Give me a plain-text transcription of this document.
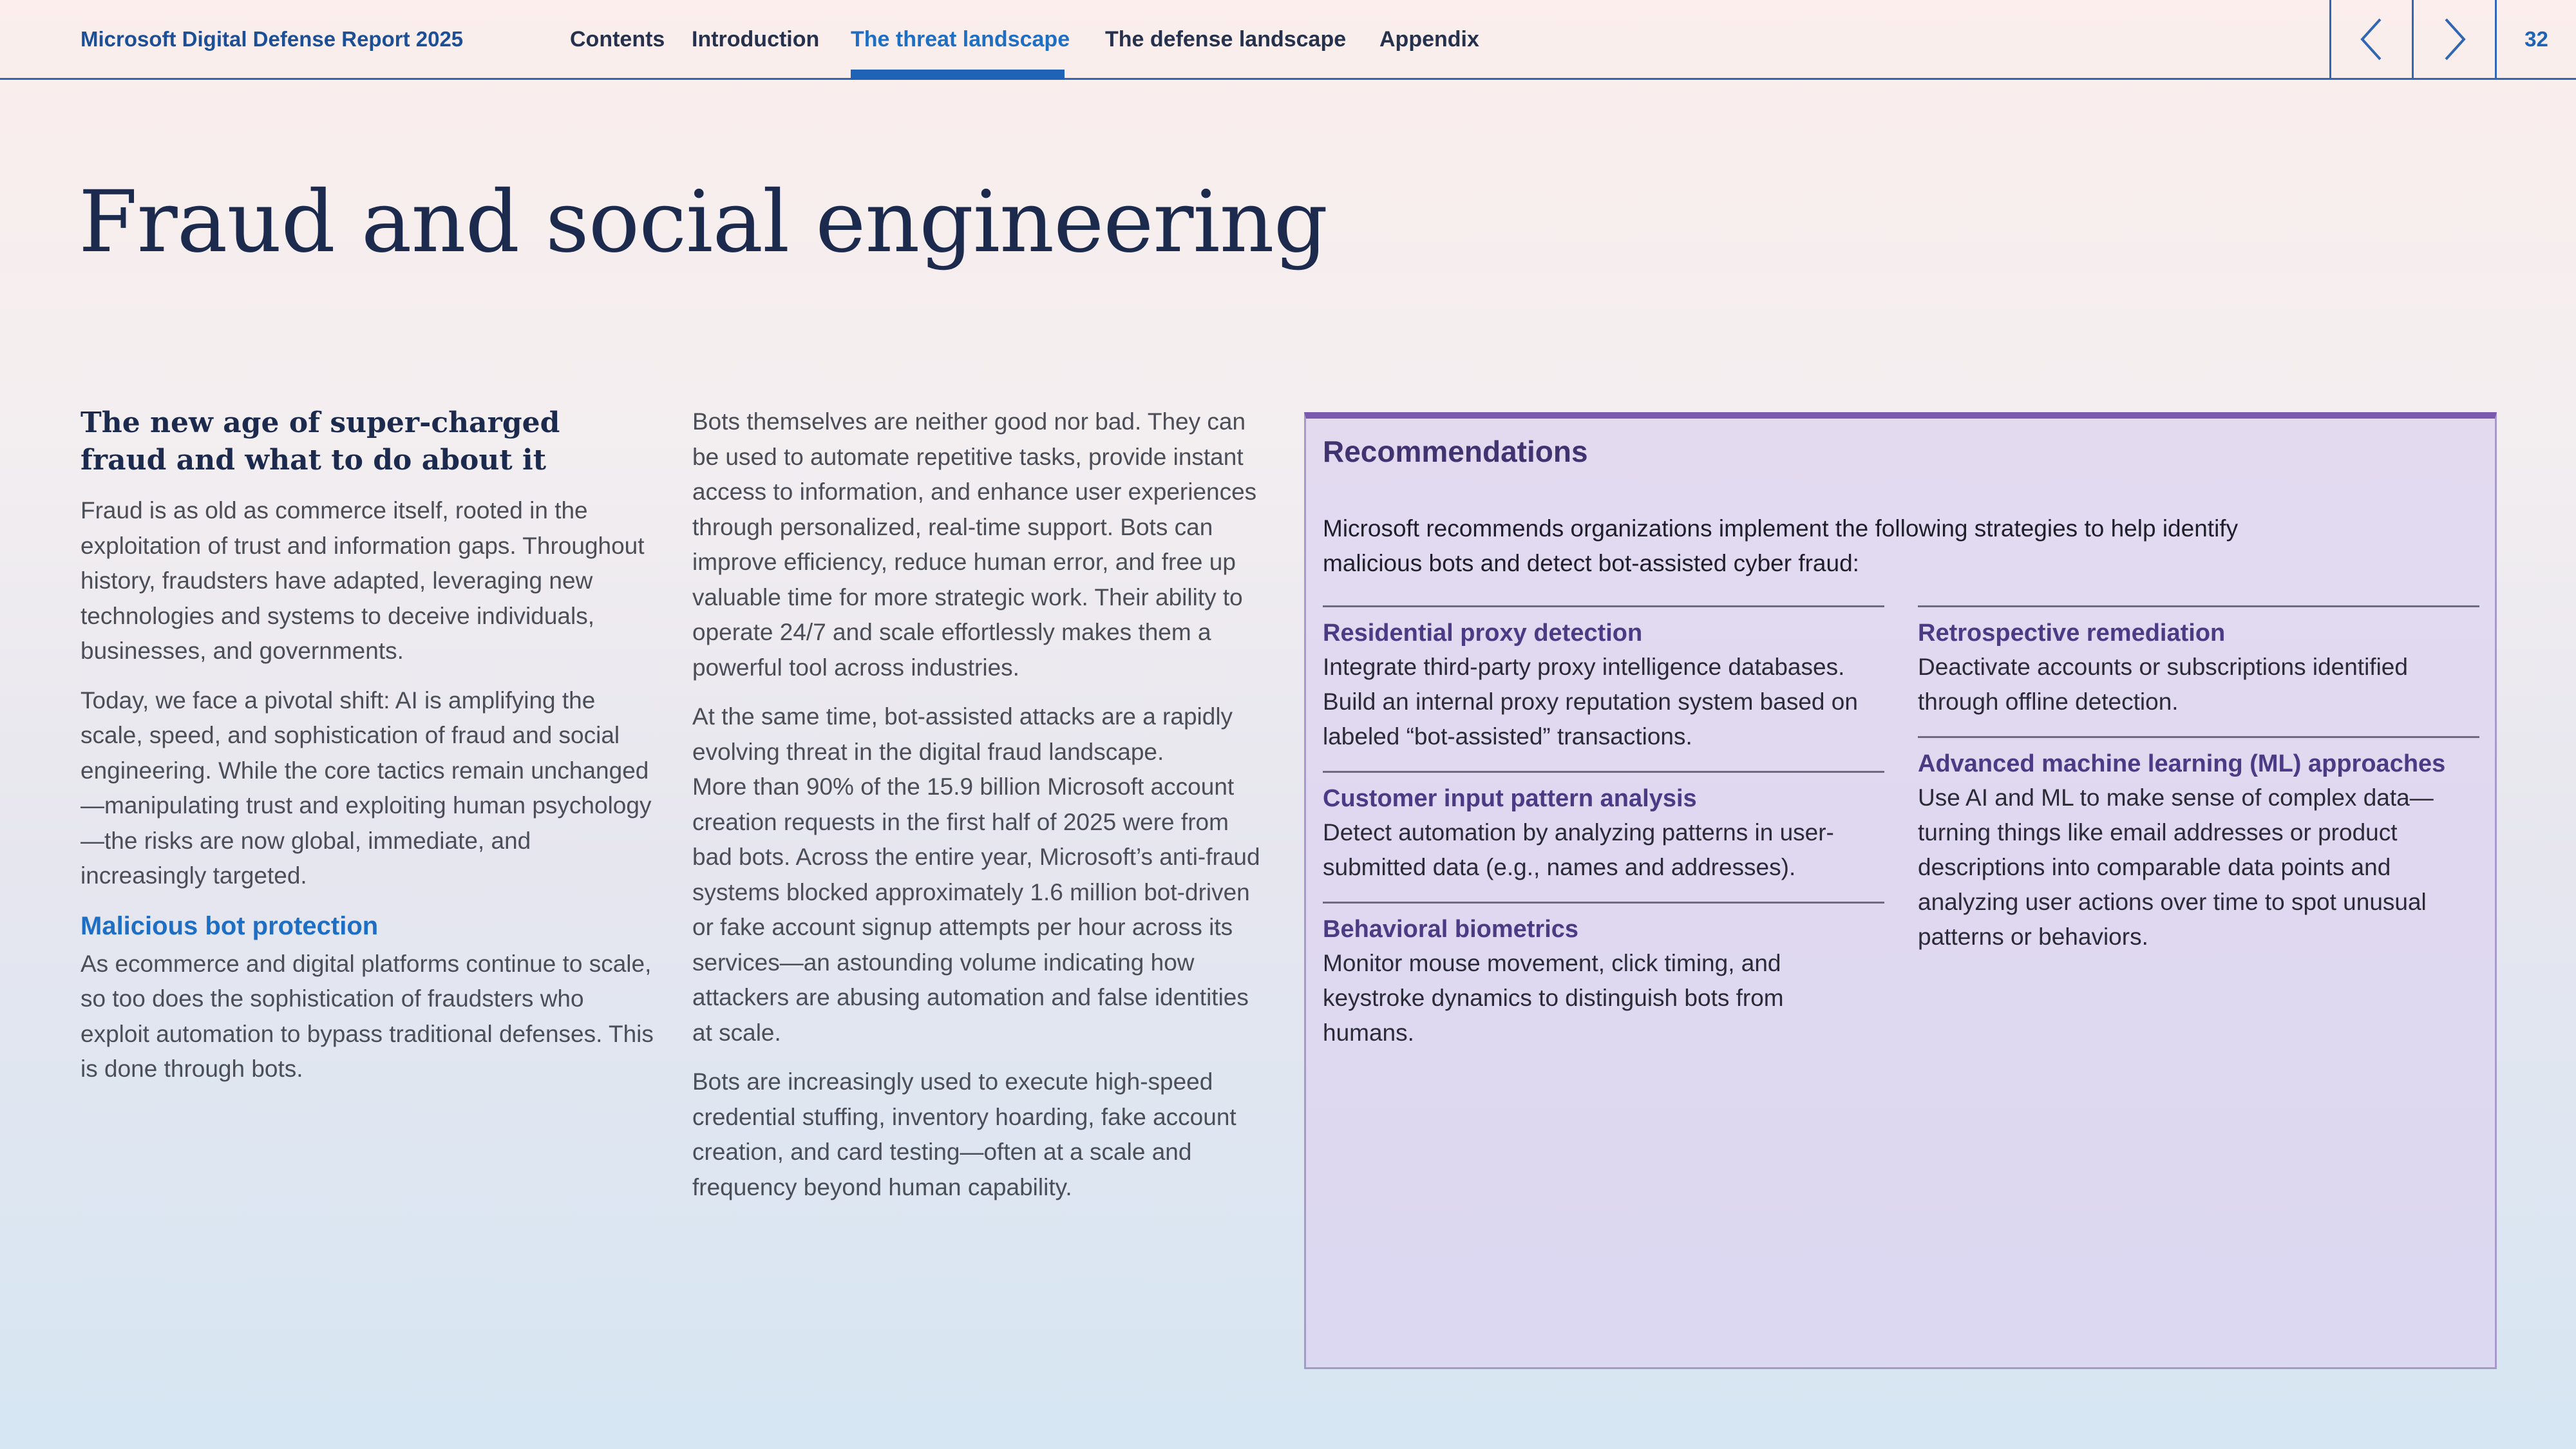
Microsoft Digital Defense Report 2025	Contents Introduction The threat landscape The defense landscape Appendix	32
Fraud and social engineering
The new age of super-charged fraud and what to do about it

Fraud is as old as commerce itself, rooted in the exploitation of trust and information gaps. Throughout history, fraudsters have adapted, leveraging new technologies and systems to deceive individuals, businesses, and governments.

Today, we face a pivotal shift: AI is amplifying the scale, speed, and sophistication of fraud and social engineering. While the core tactics remain unchanged—manipulating trust and exploiting human psychology—the risks are now global, immediate, and increasingly targeted.

Malicious bot protection

As ecommerce and digital platforms continue to scale, so too does the sophistication of fraudsters who exploit automation to bypass traditional defenses. This is done through bots.

Bots themselves are neither good nor bad. They can be used to automate repetitive tasks, provide instant access to information, and enhance user experiences through personalized, real-time support. Bots can improve efficiency, reduce human error, and free up valuable time for more strategic work. Their ability to operate 24/7 and scale effortlessly makes them a powerful tool across industries.

At the same time, bot-assisted attacks are a rapidly evolving threat in the digital fraud landscape.
More than 90% of the 15.9 billion Microsoft account creation requests in the first half of 2025 were from bad bots. Across the entire year, Microsoft’s anti-fraud systems blocked approximately 1.6 million bot-driven or fake account signup attempts per hour across its services—an astounding volume indicating how attackers are abusing automation and false identities at scale.

Bots are increasingly used to execute high-speed credential stuffing, inventory hoarding, fake account creation, and card testing—often at a scale and frequency beyond human capability.

Recommendations
Microsoft recommends organizations implement the following strategies to help identify malicious bots and detect bot-assisted cyber fraud:
Residential proxy detection

Integrate third-party proxy intelligence databases. Build an internal proxy reputation system based on labeled “bot-assisted” transactions.

Customer input pattern analysis

Detect automation by analyzing patterns in user-submitted data (e.g., names and addresses).

Behavioral biometrics

Monitor mouse movement, click timing, and keystroke dynamics to distinguish bots from humans.

Retrospective remediation

Deactivate accounts or subscriptions identified through offline detection.

Advanced machine learning (ML) approaches

Use AI and ML to make sense of complex data—turning things like email addresses or product descriptions into comparable data points and analyzing user actions over time to spot unusual patterns or behaviors.
